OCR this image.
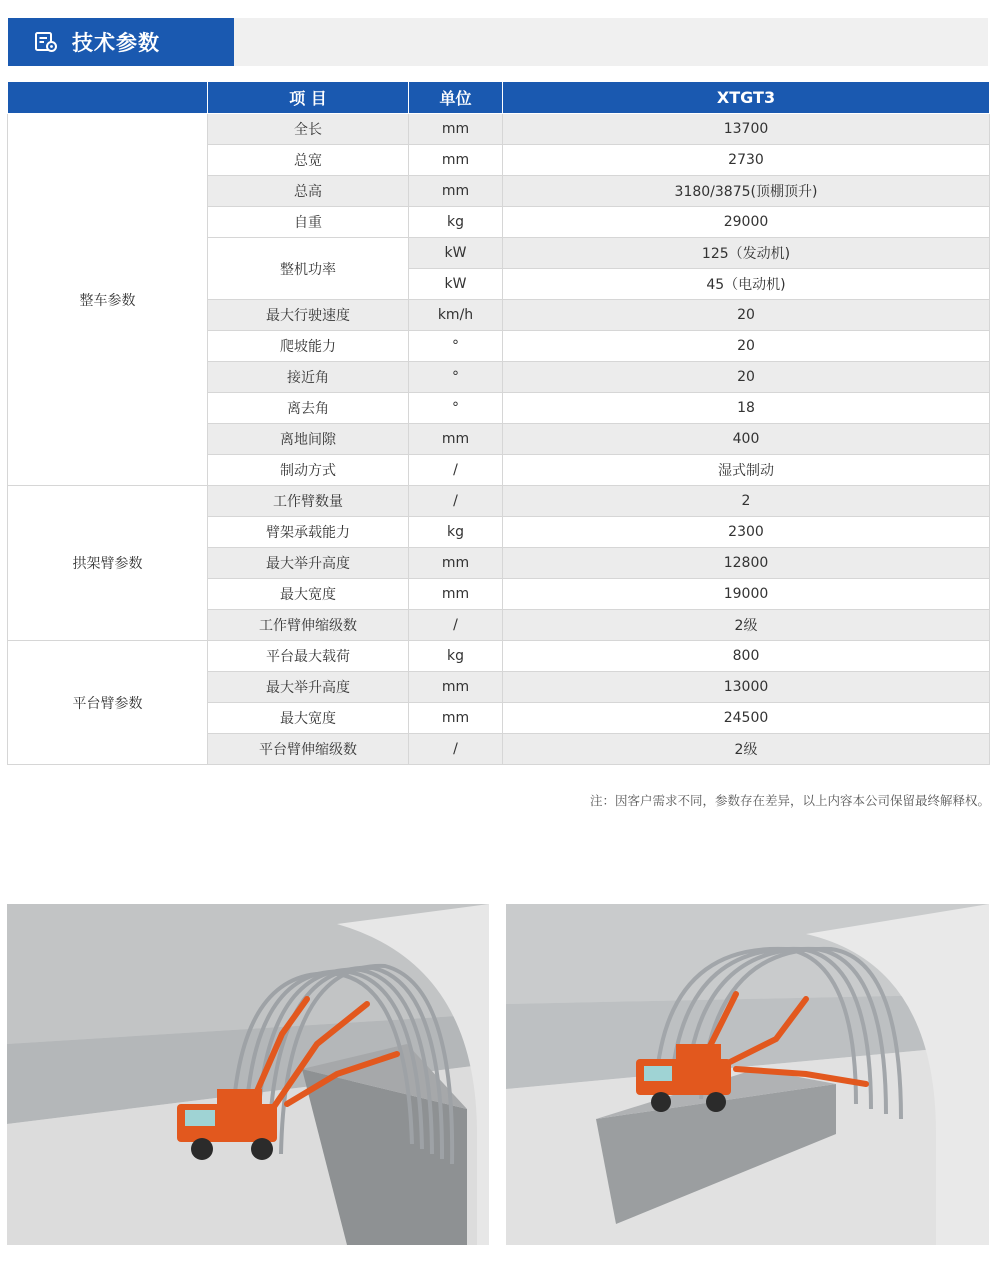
技术参数
	项 目	单位	XTGT3
整车参数	全长	mm	13700
	总宽	mm	2730
	总高	mm	3180/3875(顶棚顶升)
	自重	kg	29000
	整机功率	kW	125（发动机)
		kW	45（电动机)
	最大行驶速度	km/h	20
	爬坡能力	°	20
	接近角	°	20
	离去角	°	18
	离地间隙	mm	400
	制动方式	/	湿式制动
拱架臂参数	工作臂数量	/	2
	臂架承载能力	kg	2300
	最大举升高度	mm	12800
	最大宽度	mm	19000
	工作臂伸缩级数	/	2级
平台臂参数	平台最大载荷	kg	800
	最大举升高度	mm	13000
	最大宽度	mm	24500
	平台臂伸缩级数	/	2级
注：因客户需求不同，参数存在差异，以上内容本公司保留最终解释权。
